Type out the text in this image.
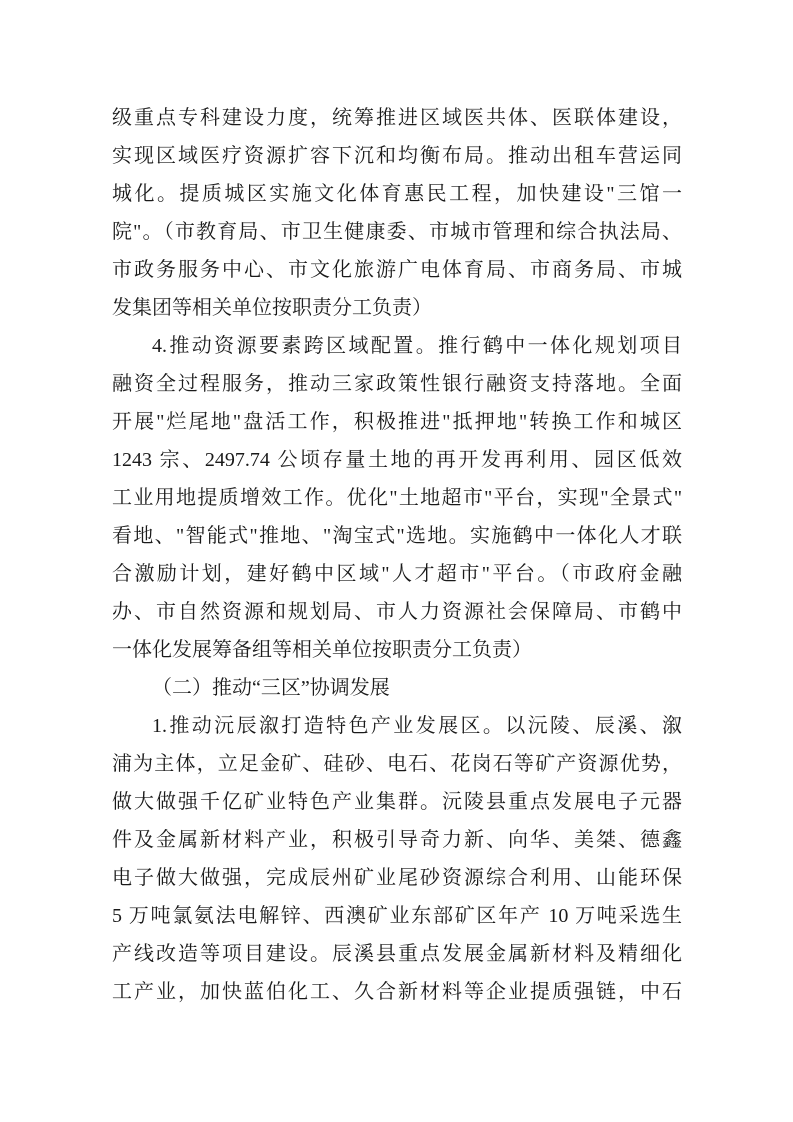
级重点专科建设力度，统筹推进区域医共体、医联体建设，
实现区域医疗资源扩容下沉和均衡布局。推动出租车营运同
城化。提质城区实施文化体育惠民工程，加快建设"三馆一
院"。（市教育局、市卫生健康委、市城市管理和综合执法局、
市政务服务中心、市文化旅游广电体育局、市商务局、市城
发集团等相关单位按职责分工负责）
4.推动资源要素跨区域配置。推行鹤中一体化规划项目
融资全过程服务，推动三家政策性银行融资支持落地。全面
开展"烂尾地"盘活工作，积极推进"抵押地"转换工作和城区
1243 宗、2497.74 公顷存量土地的再开发再利用、园区低效
工业用地提质增效工作。优化"土地超市"平台，实现"全景式"
看地、"智能式"推地、"淘宝式"选地。实施鹤中一体化人才联
合激励计划，建好鹤中区域"人才超市"平台。（市政府金融
办、市自然资源和规划局、市人力资源社会保障局、市鹤中
一体化发展筹备组等相关单位按职责分工负责）
（二）推动“三区”协调发展
1.推动沅辰溆打造特色产业发展区。以沅陵、辰溪、溆
浦为主体，立足金矿、硅砂、电石、花岗石等矿产资源优势，
做大做强千亿矿业特色产业集群。沅陵县重点发展电子元器
件及金属新材料产业，积极引导奇力新、向华、美桀、德鑫
电子做大做强，完成辰州矿业尾砂资源综合利用、山能环保
5 万吨氯氨法电解锌、西澳矿业东部矿区年产 10 万吨采选生
产线改造等项目建设。辰溪县重点发展金属新材料及精细化
工产业，加快蓝伯化工、久合新材料等企业提质强链，中石
